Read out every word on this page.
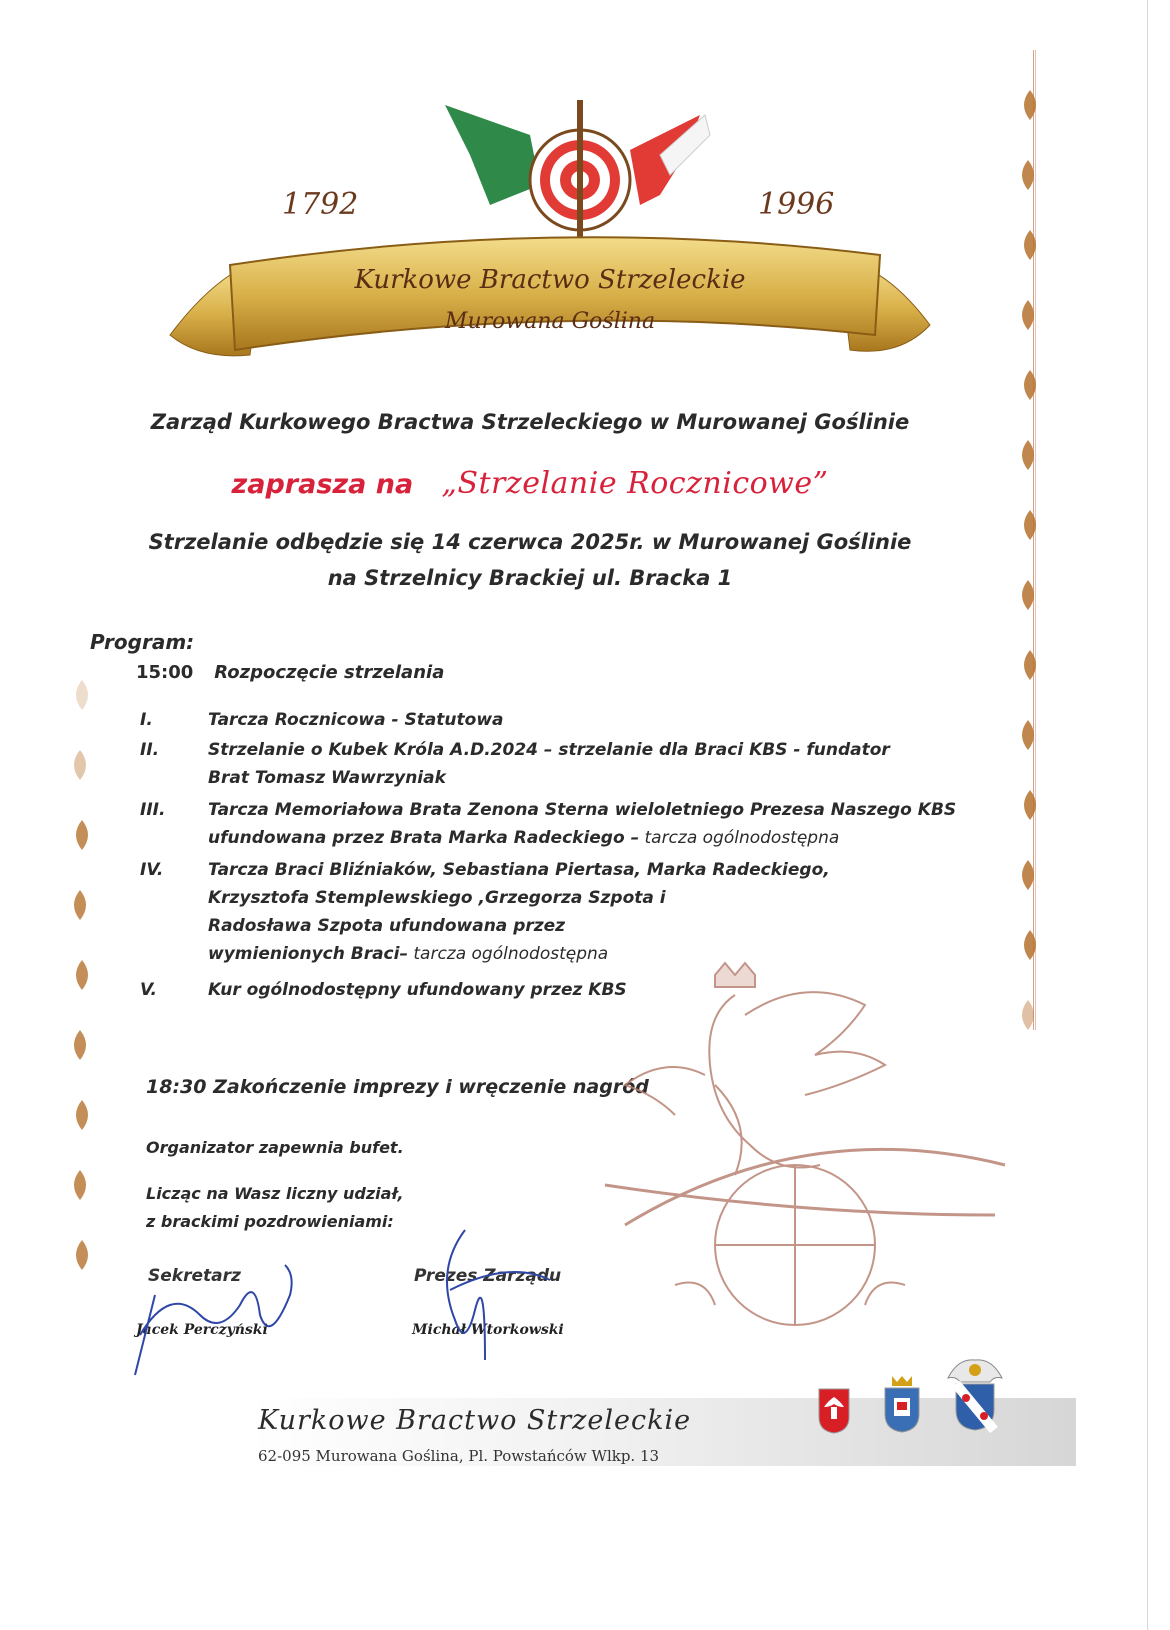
1792	1996
Kurkowe Bractwo Strzeleckie
Murowana Goślina
Zarząd Kurkowego Bractwa Strzeleckiego w Murowanej Goślinie
zaprasza na „Strzelanie Rocznicowe”
Strzelanie odbędzie się 14 czerwca 2025r. w Murowanej Goślinie
na Strzelnicy Brackiej ul. Bracka 1
Program:
15:00 Rozpoczęcie strzelania
I.	Tarcza Rocznicowa - Statutowa
II.	Strzelanie o Kubek Króla A.D.2024 – strzelanie dla Braci KBS - fundator
Brat Tomasz Wawrzyniak
III.	Tarcza Memoriałowa Brata Zenona Sterna wieloletniego Prezesa Naszego KBS
ufundowana przez Brata Marka Radeckiego – tarcza ogólnodostępna
IV.	Tarcza Braci Bliźniaków, Sebastiana Piertasa, Marka Radeckiego,
Krzysztofa Stemplewskiego ,Grzegorza Szpota i
Radosława Szpota ufundowana przez
wymienionych Braci– tarcza ogólnodostępna
V.	Kur ogólnodostępny ufundowany przez KBS
18:30 Zakończenie imprezy i wręczenie nagród
Organizator zapewnia bufet.
Licząc na Wasz liczny udział,
z brackimi pozdrowieniami:
Sekretarz
Jacek Perczyński
Prezes Zarządu
Michał Wtorkowski
Kurkowe Bractwo Strzeleckie
62-095 Murowana Goślina, Pl. Powstańców Wlkp. 13
